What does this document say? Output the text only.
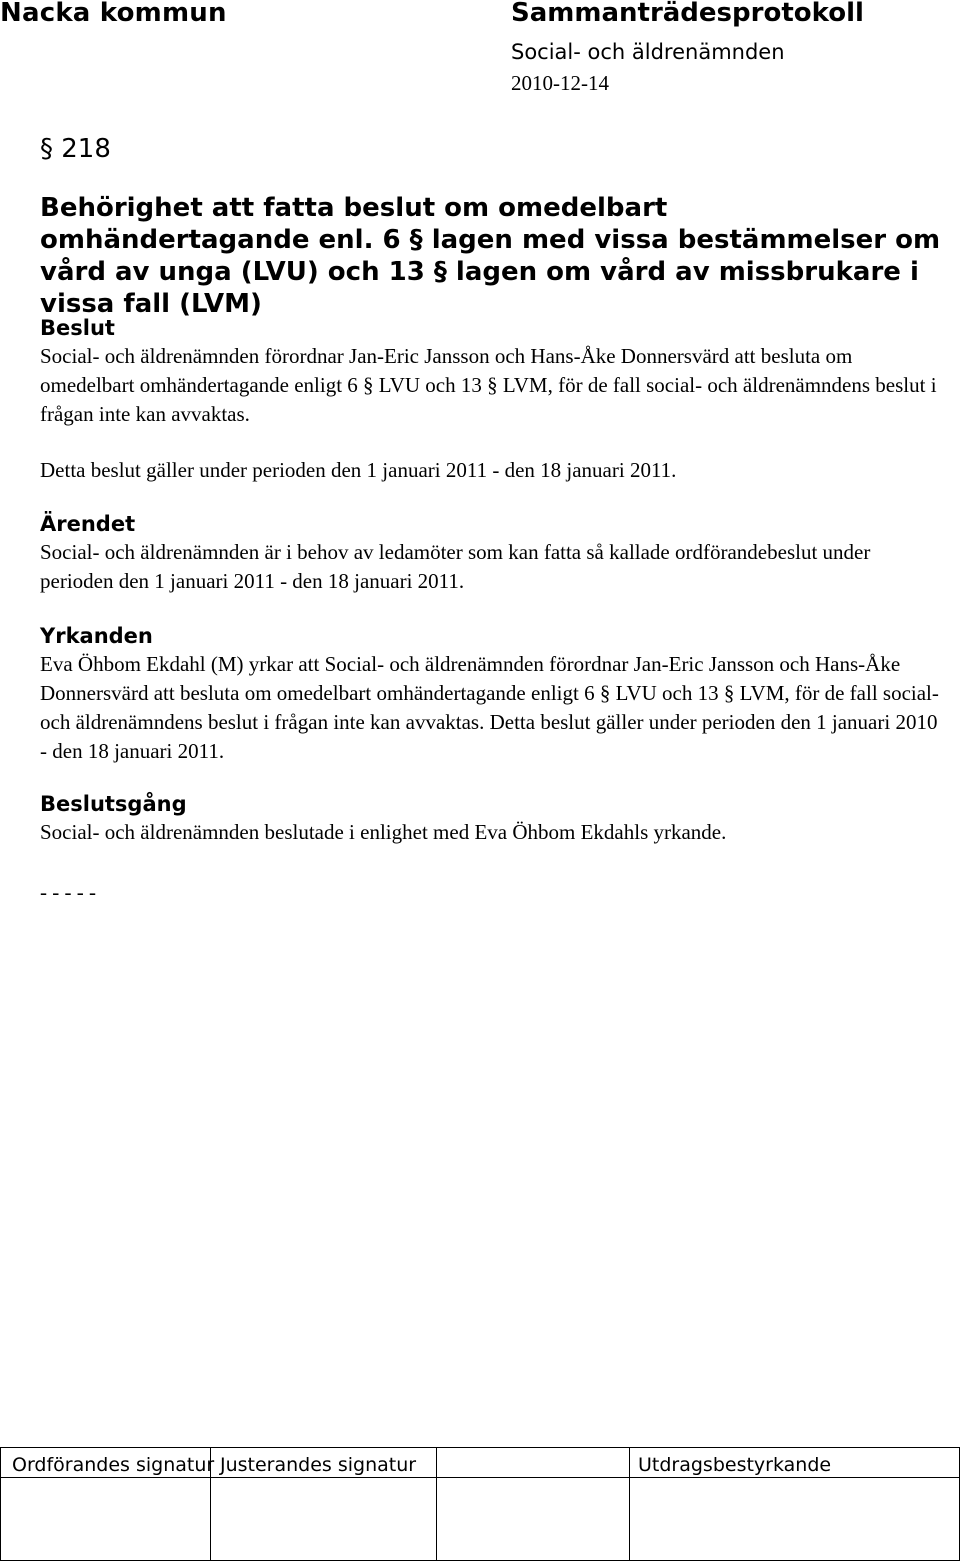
Nacka kommun	Sammanträdesprotokoll
Social- och äldrenämnden
2010-12-14
§ 218
Behörighet att fatta beslut om omedelbart omhändertagande enl. 6 § lagen med vissa bestämmelser om vård av unga (LVU) och 13 § lagen om vård av missbrukare i vissa fall (LVM)
Beslut

Social- och äldrenämnden förordnar Jan-Eric Jansson och Hans-Åke Donnersvärd att besluta om omedelbart omhändertagande enligt 6 § LVU och 13 § LVM, för de fall social- och äldrenämndens beslut i frågan inte kan avvaktas.

Detta beslut gäller under perioden den 1 januari 2011 - den 18 januari 2011.

Ärendet

Social- och äldrenämnden är i behov av ledamöter som kan fatta så kallade ordförandebeslut under perioden den 1 januari 2011 - den 18 januari 2011.

Yrkanden

Eva Öhbom Ekdahl (M) yrkar att Social- och äldrenämnden förordnar Jan-Eric Jansson och Hans-Åke Donnersvärd att besluta om omedelbart omhändertagande enligt 6 § LVU och 13 § LVM, för de fall social- och äldrenämndens beslut i frågan inte kan avvaktas. Detta beslut gäller under perioden den 1 januari 2010 - den 18 januari 2011.

Beslutsgång

Social- och äldrenämnden beslutade i enlighet med Eva Öhbom Ekdahls yrkande.

- - - - -
Ordförandes signatur Justerandes signatur	Utdragsbestyrkande
